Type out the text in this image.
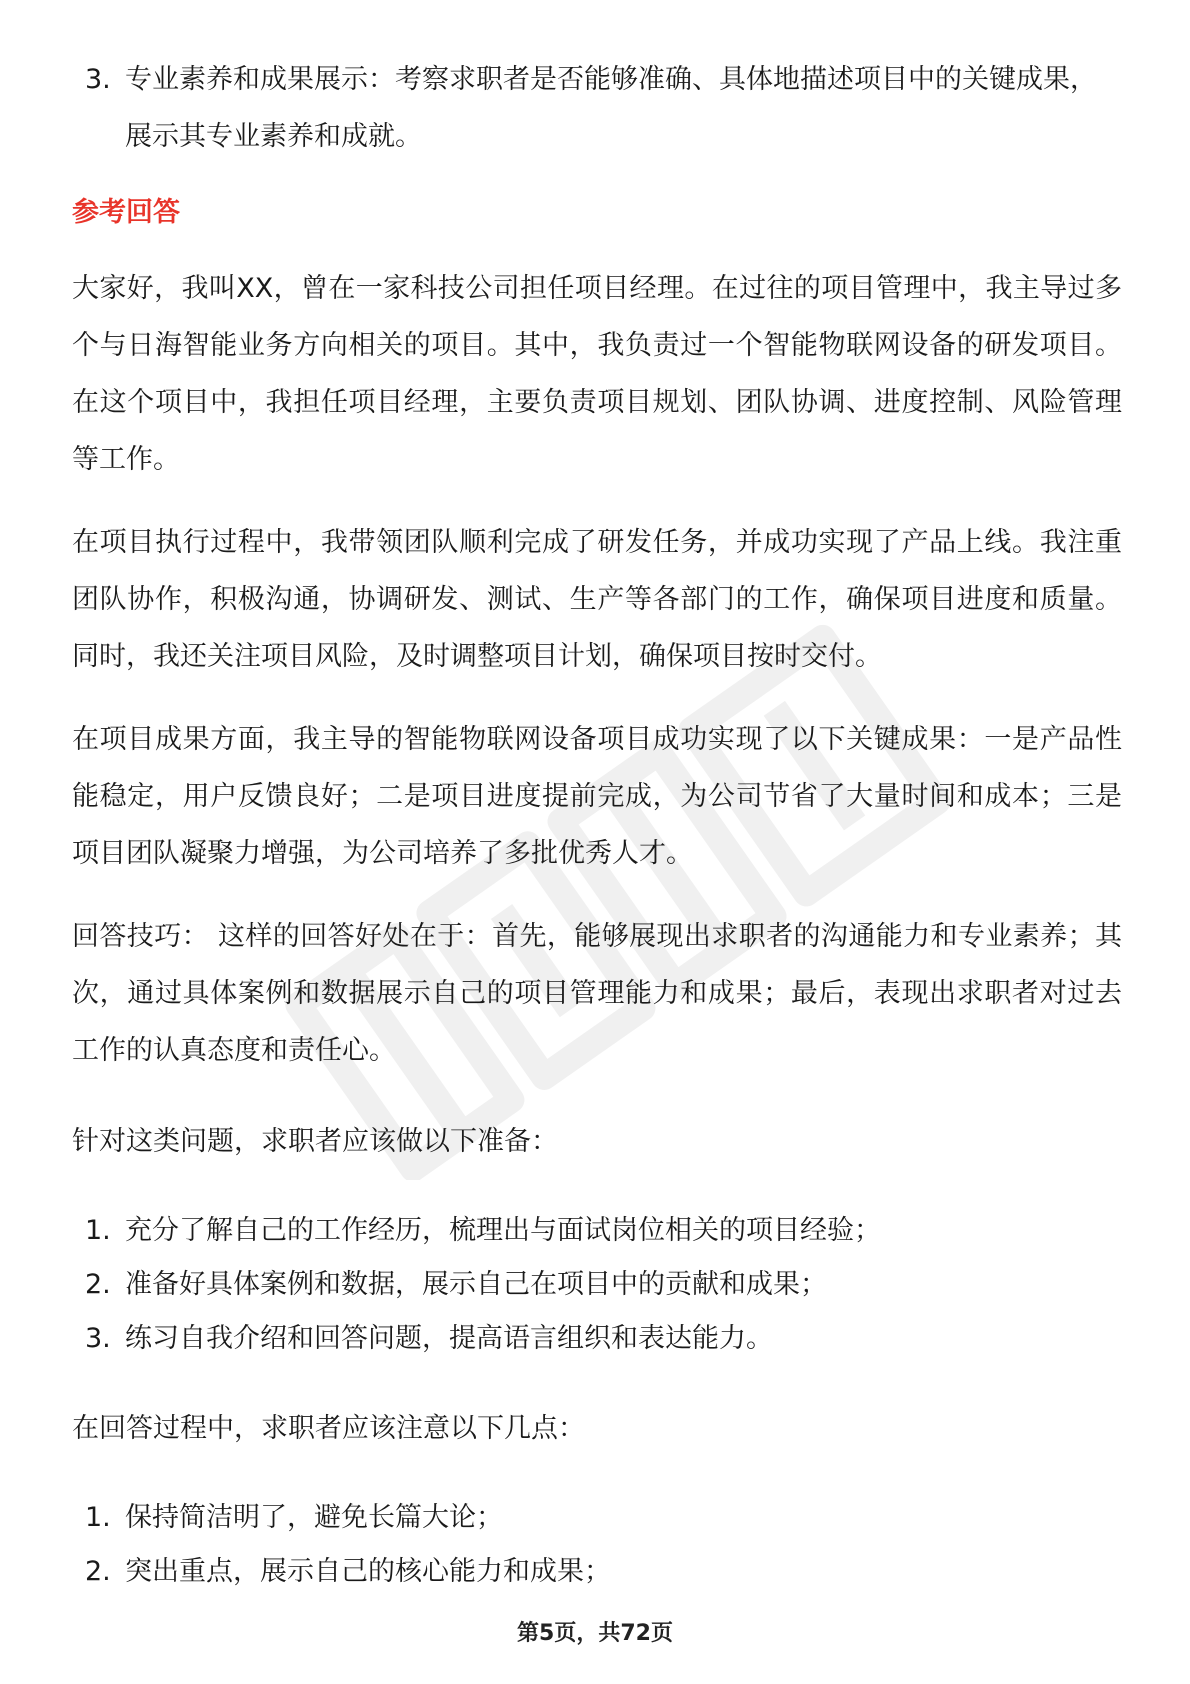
3. 专业素养和成果展示：考察求职者是否能够准确、具体地描述项目中的关键成果，展示其专业素养和成就。
参考回答
大家好，我叫XX，曾在一家科技公司担任项目经理。在过往的项目管理中，我主导过多个与日海智能业务方向相关的项目。其中，我负责过一个智能物联网设备的研发项目。在这个项目中，我担任项目经理，主要负责项目规划、团队协调、进度控制、风险管理等工作。
在项目执行过程中，我带领团队顺利完成了研发任务，并成功实现了产品上线。我注重团队协作，积极沟通，协调研发、测试、生产等各部门的工作，确保项目进度和质量。同时，我还关注项目风险，及时调整项目计划，确保项目按时交付。
在项目成果方面，我主导的智能物联网设备项目成功实现了以下关键成果：一是产品性能稳定，用户反馈良好；二是项目进度提前完成，为公司节省了大量时间和成本；三是项目团队凝聚力增强，为公司培养了多批优秀人才。
回答技巧： 这样的回答好处在于：首先，能够展现出求职者的沟通能力和专业素养；其次，通过具体案例和数据展示自己的项目管理能力和成果；最后，表现出求职者对过去工作的认真态度和责任心。
针对这类问题，求职者应该做以下准备：
1. 充分了解自己的工作经历，梳理出与面试岗位相关的项目经验；
2. 准备好具体案例和数据，展示自己在项目中的贡献和成果；
3. 练习自我介绍和回答问题，提高语言组织和表达能力。
在回答过程中，求职者应该注意以下几点：
1. 保持简洁明了，避免长篇大论；
2. 突出重点，展示自己的核心能力和成果；
第5页，共72页
